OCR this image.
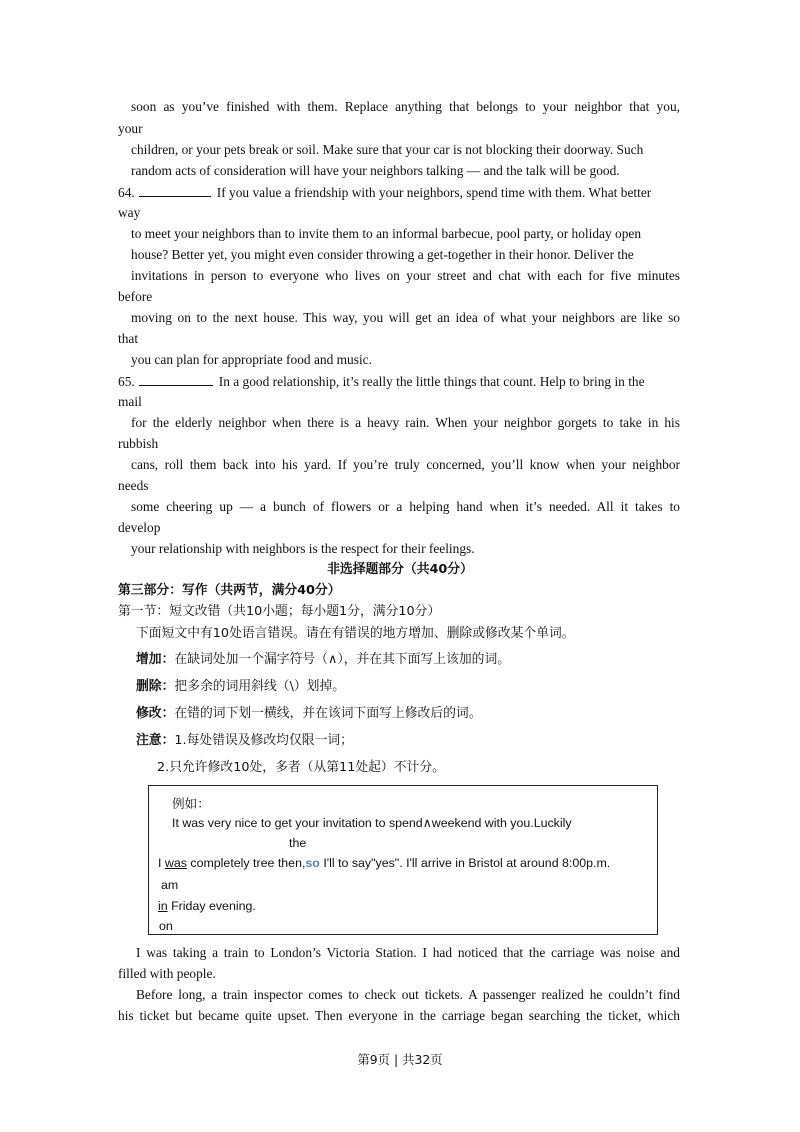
soon as you’ve finished with them. Replace anything that belongs to your neighbor that you,
your
children, or your pets break or soil. Make sure that your car is not blocking their doorway. Such
random acts of consideration will have your neighbors talking — and the talk will be good.
64.	If you value a friendship with your neighbors, spend time with them. What better
way
to meet your neighbors than to invite them to an informal barbecue, pool party, or holiday open
house? Better yet, you might even consider throwing a get-together in their honor. Deliver the
invitations in person to everyone who lives on your street and chat with each for five minutes
before
moving on to the next house. This way, you will get an idea of what your neighbors are like so
that
you can plan for appropriate food and music.
65.	In a good relationship, it’s really the little things that count. Help to bring in the
mail
for the elderly neighbor when there is a heavy rain. When your neighbor gorgets to take in his
rubbish
cans, roll them back into his yard. If you’re truly concerned, you’ll know when your neighbor
needs
some cheering up — a bunch of flowers or a helping hand when it’s needed. All it takes to
develop
your relationship with neighbors is the respect for their feelings.
非选择题部分（共40分）
第三部分：写作（共两节，满分40分）
第一节：短文改错（共10小题；每小题1分，满分10分）
下面短文中有10处语言错误。请在有错误的地方增加、删除或修改某个单词。
增加：在缺词处加一个漏字符号（∧），并在其下面写上该加的词。
删除：把多余的词用斜线（\）划掉。
修改：在错的词下划一横线，并在该词下面写上修改后的词。
注意：1.每处错误及修改均仅限一词；
2.只允许修改10处，多者（从第11处起）不计分。
例如：
It was very nice to get your invitation to spend∧weekend with you.Luckily
the
I was completely tree then,so I'll to say"yes". I'll arrive in Bristol at around 8:00p.m.
am
in Friday evening.
on
I was taking a train to London’s Victoria Station. I had noticed that the carriage was noise and
filled with people.
Before long, a train inspector comes to check out tickets. A passenger realized he couldn’t find
his ticket but became quite upset. Then everyone in the carriage began searching the ticket, which
第9页 | 共32页
